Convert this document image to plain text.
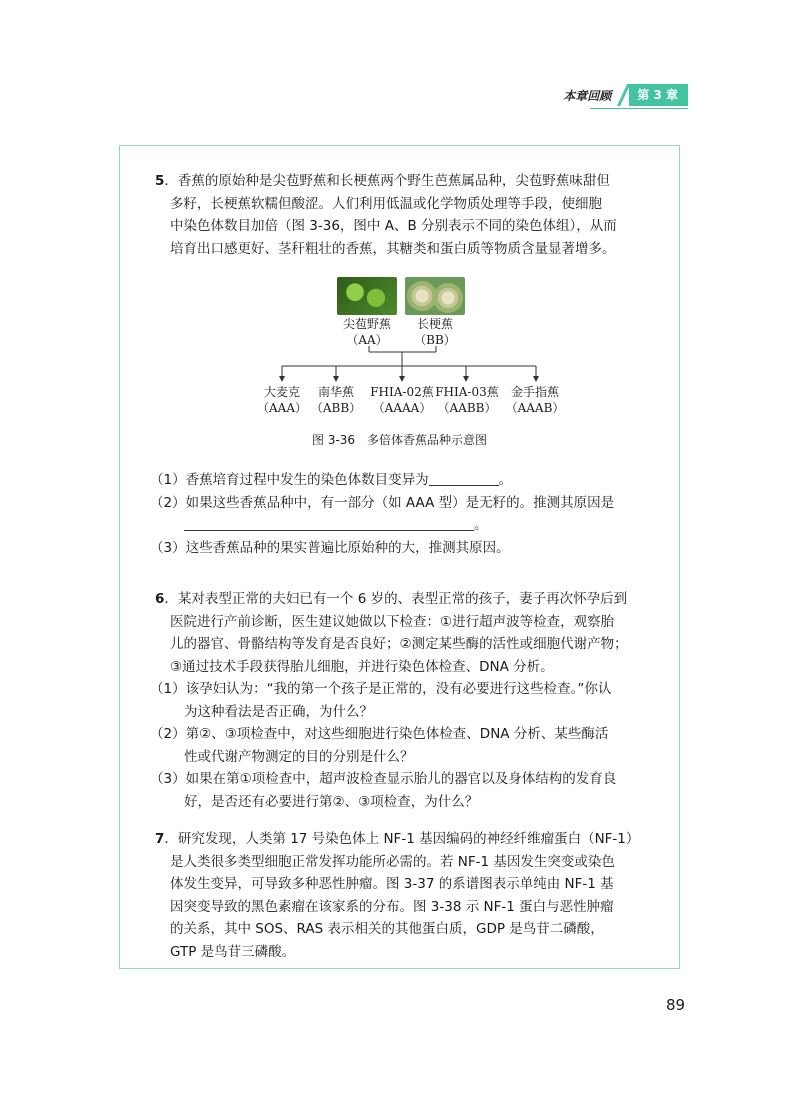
本章回顾	第 3 章
5．香蕉的原始种是尖苞野蕉和长梗蕉两个野生芭蕉属品种，尖苞野蕉味甜但
多籽，长梗蕉软糯但酸涩。人们利用低温或化学物质处理等手段，使细胞
中染色体数目加倍（图 3-36，图中 A、B 分别表示不同的染色体组），从而
培育出口感更好、茎秆粗壮的香蕉，其糖类和蛋白质等物质含量显著增多。
尖苞野蕉
（AA）
长梗蕉
（BB）
大麦克
（AAA）
南华蕉
（ABB）
FHIA-02蕉
（AAAA）
FHIA-03蕉
（AABB）
金手指蕉
（AAAB）
图 3-36　多倍体香蕉品种示意图
（1）香蕉培育过程中发生的染色体数目变异为	。
（2）如果这些香蕉品种中，有一部分（如 AAA 型）是无籽的。推测其原因是
。
（3）这些香蕉品种的果实普遍比原始种的大，推测其原因。
6．某对表型正常的夫妇已有一个 6 岁的、表型正常的孩子，妻子再次怀孕后到
医院进行产前诊断，医生建议她做以下检查：①进行超声波等检查，观察胎
儿的器官、骨骼结构等发育是否良好；②测定某些酶的活性或细胞代谢产物；
③通过技术手段获得胎儿细胞，并进行染色体检查、DNA 分析。
（1）该孕妇认为：“我的第一个孩子是正常的，没有必要进行这些检查。”你认
为这种看法是否正确，为什么？
（2）第②、③项检查中，对这些细胞进行染色体检查、DNA 分析、某些酶活
性或代谢产物测定的目的分别是什么？
（3）如果在第①项检查中，超声波检查显示胎儿的器官以及身体结构的发育良
好，是否还有必要进行第②、③项检查，为什么？
7．研究发现，人类第 17 号染色体上 NF-1 基因编码的神经纤维瘤蛋白（NF-1）
是人类很多类型细胞正常发挥功能所必需的。若 NF-1 基因发生突变或染色
体发生变异，可导致多种恶性肿瘤。图 3-37 的系谱图表示单纯由 NF-1 基
因突变导致的黑色素瘤在该家系的分布。图 3-38 示 NF-1 蛋白与恶性肿瘤
的关系，其中 SOS、RAS 表示相关的其他蛋白质，GDP 是鸟苷二磷酸，
GTP 是鸟苷三磷酸。
89
